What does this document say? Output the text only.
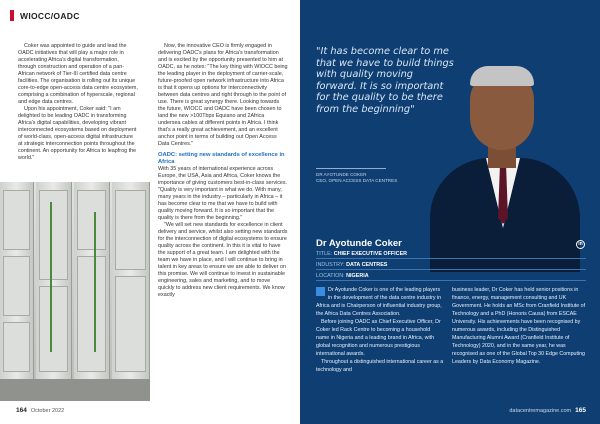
WIOCC/OADC

Coker was appointed to guide and lead the OADC initiatives that will play a major role in accelerating Africa's digital transformation, through construction and operation of a pan-African network of Tier-III certified data centre facilities. The organisation is rolling out its unique core-to-edge open-access data centre ecosystem, comprising a combination of hyperscale, regional and edge data centres.

Upon his appointment, Coker said: "I am delighted to be leading OADC in transforming Africa's digital capabilities, developing vibrant interconnected ecosystems based on deployment of world-class, open-access digital infrastructure at strategic interconnection points throughout the continent. An opportunity for Africa to leapfrog the world."

Now, the innovative CEO is firmly engaged in delivering OADC's plans for Africa's transformation and is excited by the opportunity presented to him at OADC, as he notes: "The key thing with WIOCC being the leading player in the deployment of carrier-scale, future-proofed open network infrastructure into Africa is that it opens up options for interconnectivity between data centres and right through to the point of use. There is great synergy there. Looking towards the future, WIOCC and OADC have been chosen to land the new >100Tbps Equiano and 2Africa undersea cables at different points in Africa. I think that's a really great achievement, and an excellent anchor point in terms of building out Open Access Data Centres."

OADC: setting new standards of excellence in Africa

With 35 years of international experience across Europe, the USA, Asia and Africa, Coker knows the importance of giving customers best-in-class services. "Quality is very important in what we do. With many, many years in the industry – particularly in Africa – it has become clear to me that we have to build with quality moving forward. It is so important that the quality is there from the beginning."

"We will set new standards for excellence in client delivery and service, whilst also setting new standards for the interconnection of digital ecosystems to ensure quality across the continent. In this it is vital to have the support of a great team. I am delighted with the team we have in place, and I will continue to bring in talent in key areas to ensure we are able to deliver on this promise. We will continue to invest in sustainable engineering, sales and marketing, and to move quickly to address new client requirements. We know exactly

164 October 2022
"It has become clear to me that we have to build things with quality moving forward. It is so important for the quality to be there from the beginning"
DR AYOTUNDE COKER
CEO, OPEN ACCESS DATA CENTRES
Dr Ayotunde Coker	in
TITLE: CHIEF EXECUTIVE OFFICER
INDUSTRY: DATA CENTRES
LOCATION: NIGERIA

Dr Ayotunde Coker is one of the leading players in the development of the data centre industry in Africa and is Chairperson of influential industry group, the Africa Data Centres Association.

Before joining OADC as Chief Executive Officer, Dr Coker led Rack Centre to becoming a household name in Nigeria and a leading brand in Africa, with global recognition and numerous prestigious international awards.

Throughout a distinguished international career as a technology and

business leader, Dr Coker has held senior positions in finance, energy, management consulting and UK Government. He holds an MSc from Cranfield Institute of Technology and a PhD (Honoris Causa) from ESCAE University. His achievements have been recognised by numerous awards, including the Distinguished Manufacturing Alumni Award (Cranfield Institute of Technology) 2020, and in the same year, he was recognised as one of the Global Top 30 Edge Computing Leaders by Data Economy Magazine.

datacentremagazine.com 165
